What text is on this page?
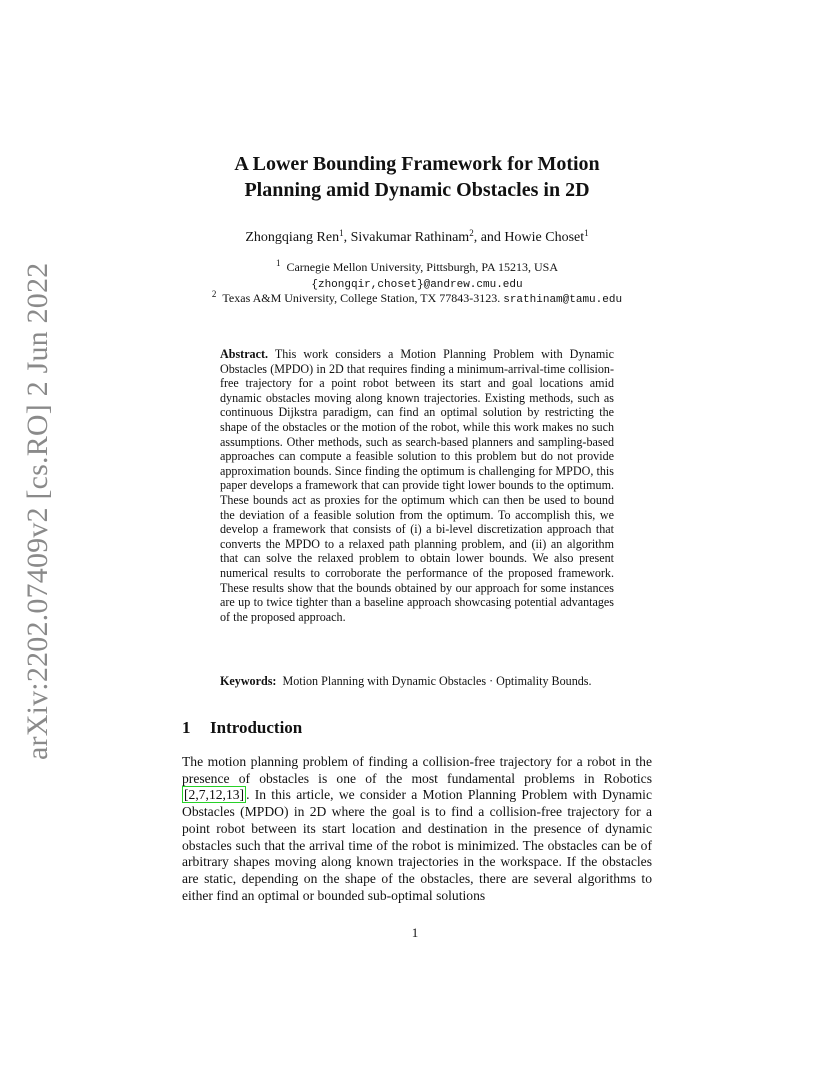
arXiv:2202.07409v2 [cs.RO] 2 Jun 2022
A Lower Bounding Framework for Motion
Planning amid Dynamic Obstacles in 2D
Zhongqiang Ren$^1$, Sivakumar Rathinam$^2$, and Howie Choset$^1$
$^1$ Carnegie Mellon University, Pittsburgh, PA 15213, USA
{zhongqir,choset}@andrew.cmu.edu
$^2$ Texas A&M University, College Station, TX 77843-3123. srathinam@tamu.edu
Abstract. This work considers a Motion Planning Problem with Dynamic Obstacles (MPDO) in 2D that requires finding a minimum-arrival-time collision-free trajectory for a point robot between its start and goal locations amid dynamic obstacles moving along known trajectories. Existing methods, such as continuous Dijkstra paradigm, can find an optimal solution by restricting the shape of the obstacles or the motion of the robot, while this work makes no such assumptions. Other methods, such as search-based planners and sampling-based approaches can compute a feasible solution to this problem but do not provide approximation bounds. Since finding the optimum is challenging for MPDO, this paper develops a framework that can provide tight lower bounds to the optimum. These bounds act as proxies for the optimum which can then be used to bound the deviation of a feasible solution from the optimum. To accomplish this, we develop a framework that consists of (i) a bi-level discretization approach that converts the MPDO to a relaxed path planning problem, and (ii) an algorithm that can solve the relaxed problem to obtain lower bounds. We also present numerical results to corroborate the performance of the proposed framework. These results show that the bounds obtained by our approach for some instances are up to twice tighter than a baseline approach showcasing potential advantages of the proposed approach.
Keywords: Motion Planning with Dynamic Obstacles · Optimality Bounds.
1 Introduction
The motion planning problem of finding a collision-free trajectory for a robot in the presence of obstacles is one of the most fundamental problems in Robotics [2,7,12,13] . In this article, we consider a Motion Planning Problem with Dynamic Obstacles (MPDO) in 2D where the goal is to find a collision-free trajectory for a point robot between its start location and destination in the presence of dynamic obstacles such that the arrival time of the robot is minimized. The obstacles can be of arbitrary shapes moving along known trajectories in the workspace. If the obstacles are static, depending on the shape of the obstacles, there are several algorithms to either find an optimal or bounded sub-optimal solutions
1
